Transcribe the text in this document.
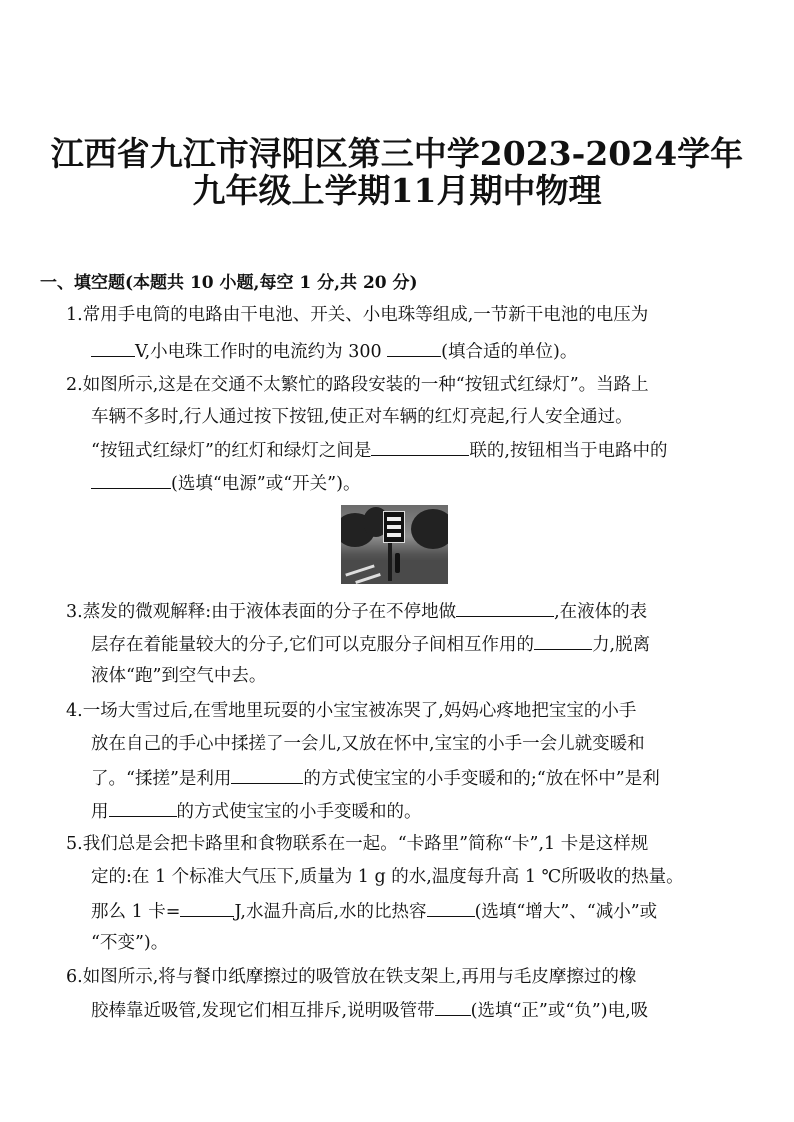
江西省九江市浔阳区第三中学2023-2024学年
九年级上学期11月期中物理
一、填空题(本题共 10 小题,每空 1 分,共 20 分)
1.常用手电筒的电路由干电池、开关、小电珠等组成,一节新干电池的电压为
V,小电珠工作时的电流约为 300	(填合适的单位)。
2.如图所示,这是在交通不太繁忙的路段安装的一种“按钮式红绿灯”。当路上
车辆不多时,行人通过按下按钮,使正对车辆的红灯亮起,行人安全通过。
“按钮式红绿灯”的红灯和绿灯之间是	联的,按钮相当于电路中的
(选填“电源”或“开关”)。
3.蒸发的微观解释:由于液体表面的分子在不停地做	,在液体的表
层存在着能量较大的分子,它们可以克服分子间相互作用的	力,脱离
液体“跑”到空气中去。
4.一场大雪过后,在雪地里玩耍的小宝宝被冻哭了,妈妈心疼地把宝宝的小手
放在自己的手心中揉搓了一会儿,又放在怀中,宝宝的小手一会儿就变暖和
了。“揉搓”是利用	的方式使宝宝的小手变暖和的;“放在怀中”是利
用	的方式使宝宝的小手变暖和的。
5.我们总是会把卡路里和食物联系在一起。“卡路里”简称“卡”,1 卡是这样规
定的:在 1 个标准大气压下,质量为 1 g 的水,温度每升高 1 ℃所吸收的热量。
那么 1 卡=	J,水温升高后,水的比热容	(选填“增大”、“减小”或
“不变”)。
6.如图所示,将与餐巾纸摩擦过的吸管放在铁支架上,再用与毛皮摩擦过的橡
胶棒靠近吸管,发现它们相互排斥,说明吸管带 (选填“正”或“负”)电,吸
